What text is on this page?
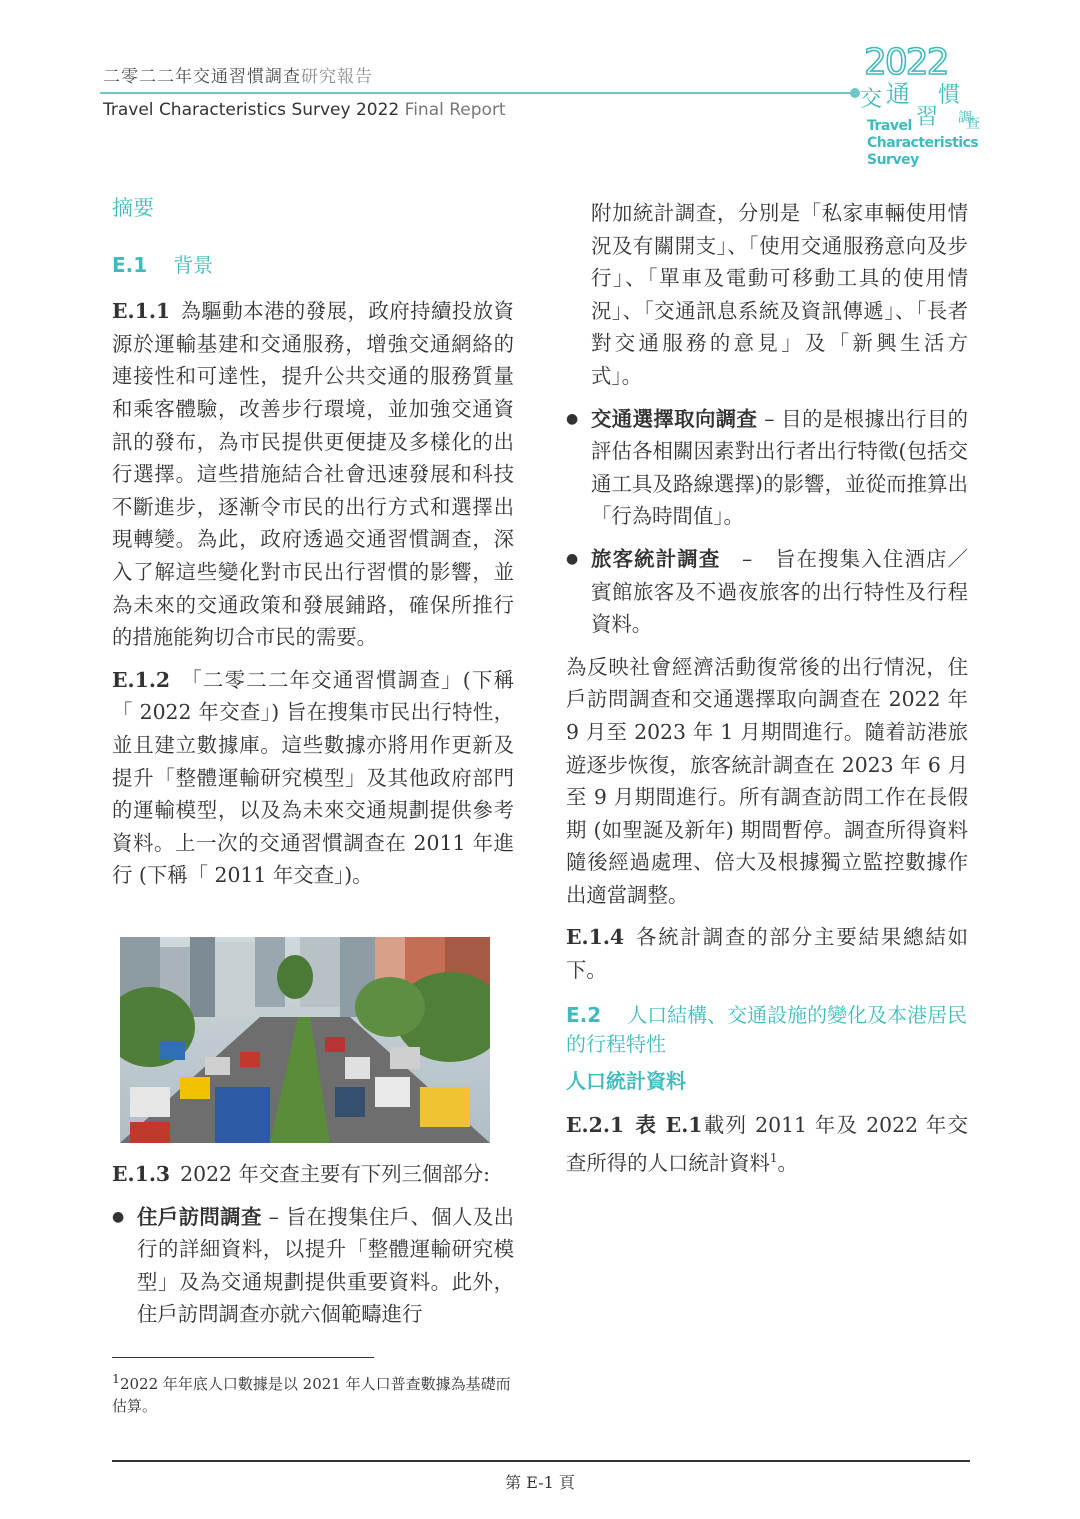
二零二二年交通習慣調查研究報告
Travel Characteristics Survey 2022 Final Report
2022
交 通
習
慣
調
查
Travel
Characteristics
Survey
摘要
E.1 背景

E.1.1 為驅動本港的發展，政府持續投放資源於運輸基建和交通服務，增強交通網絡的連接性和可達性，提升公共交通的服務質量和乘客體驗，改善步行環境，並加強交通資訊的發布，為市民提供更便捷及多樣化的出行選擇。這些措施結合社會迅速發展和科技不斷進步，逐漸令市民的出行方式和選擇出現轉變。為此，政府透過交通習慣調查，深入了解這些變化對市民出行習慣的影響，並為未來的交通政策和發展鋪路，確保所推行的措施能夠切合市民的需要。

E.1.2 「二零二二年交通習慣調查」(下稱「 2022 年交查」) 旨在搜集市民出行特性，並且建立數據庫。這些數據亦將用作更新及提升「整體運輸研究模型」及其他政府部門的運輸模型，以及為未來交通規劃提供參考資料。上一次的交通習慣調查在 2011 年進行 (下稱「 2011 年交查」)。

E.1.3 2022 年交查主要有下列三個部分:

● 住戶訪問調查 – 旨在搜集住戶、個人及出行的詳細資料，以提升「整體運輸研究模型」及為交通規劃提供重要資料。此外，住戶訪問調查亦就六個範疇進行
$^1$2022 年年底人口數據是以 2021 年人口普查數據為基礎而估算。
附加統計調查，分別是「私家車輛使用情況及有關開支」、「使用交通服務意向及步行」、「單車及電動可移動工具的使用情況」、「交通訊息系統及資訊傳遞」、「長者對交通服務的意見」及「新興生活方式」。
● 交通選擇取向調查 – 目的是根據出行目的評估各相關因素對出行者出行特徵(包括交通工具及路線選擇)的影響，並從而推算出「行為時間值」。
● 旅客統計調查　–　旨在搜集入住酒店／賓館旅客及不過夜旅客的出行特性及行程資料。

為反映社會經濟活動復常後的出行情況，住戶訪問調查和交通選擇取向調查在 2022 年 9 月至 2023 年 1 月期間進行。隨着訪港旅遊逐步恢復，旅客統計調查在 2023 年 6 月至 9 月期間進行。所有調查訪問工作在長假期 (如聖誕及新年) 期間暫停。調查所得資料隨後經過處理、倍大及根據獨立監控數據作出適當調整。

E.1.4 各統計調查的部分主要結果總結如下。

E.2 人口結構、交通設施的變化及本港居民的行程特性
人口統計資料

E.2.1 表 E.1載列 2011 年及 2022 年交查所得的人口統計資料$^1$。

第 E-1 頁
